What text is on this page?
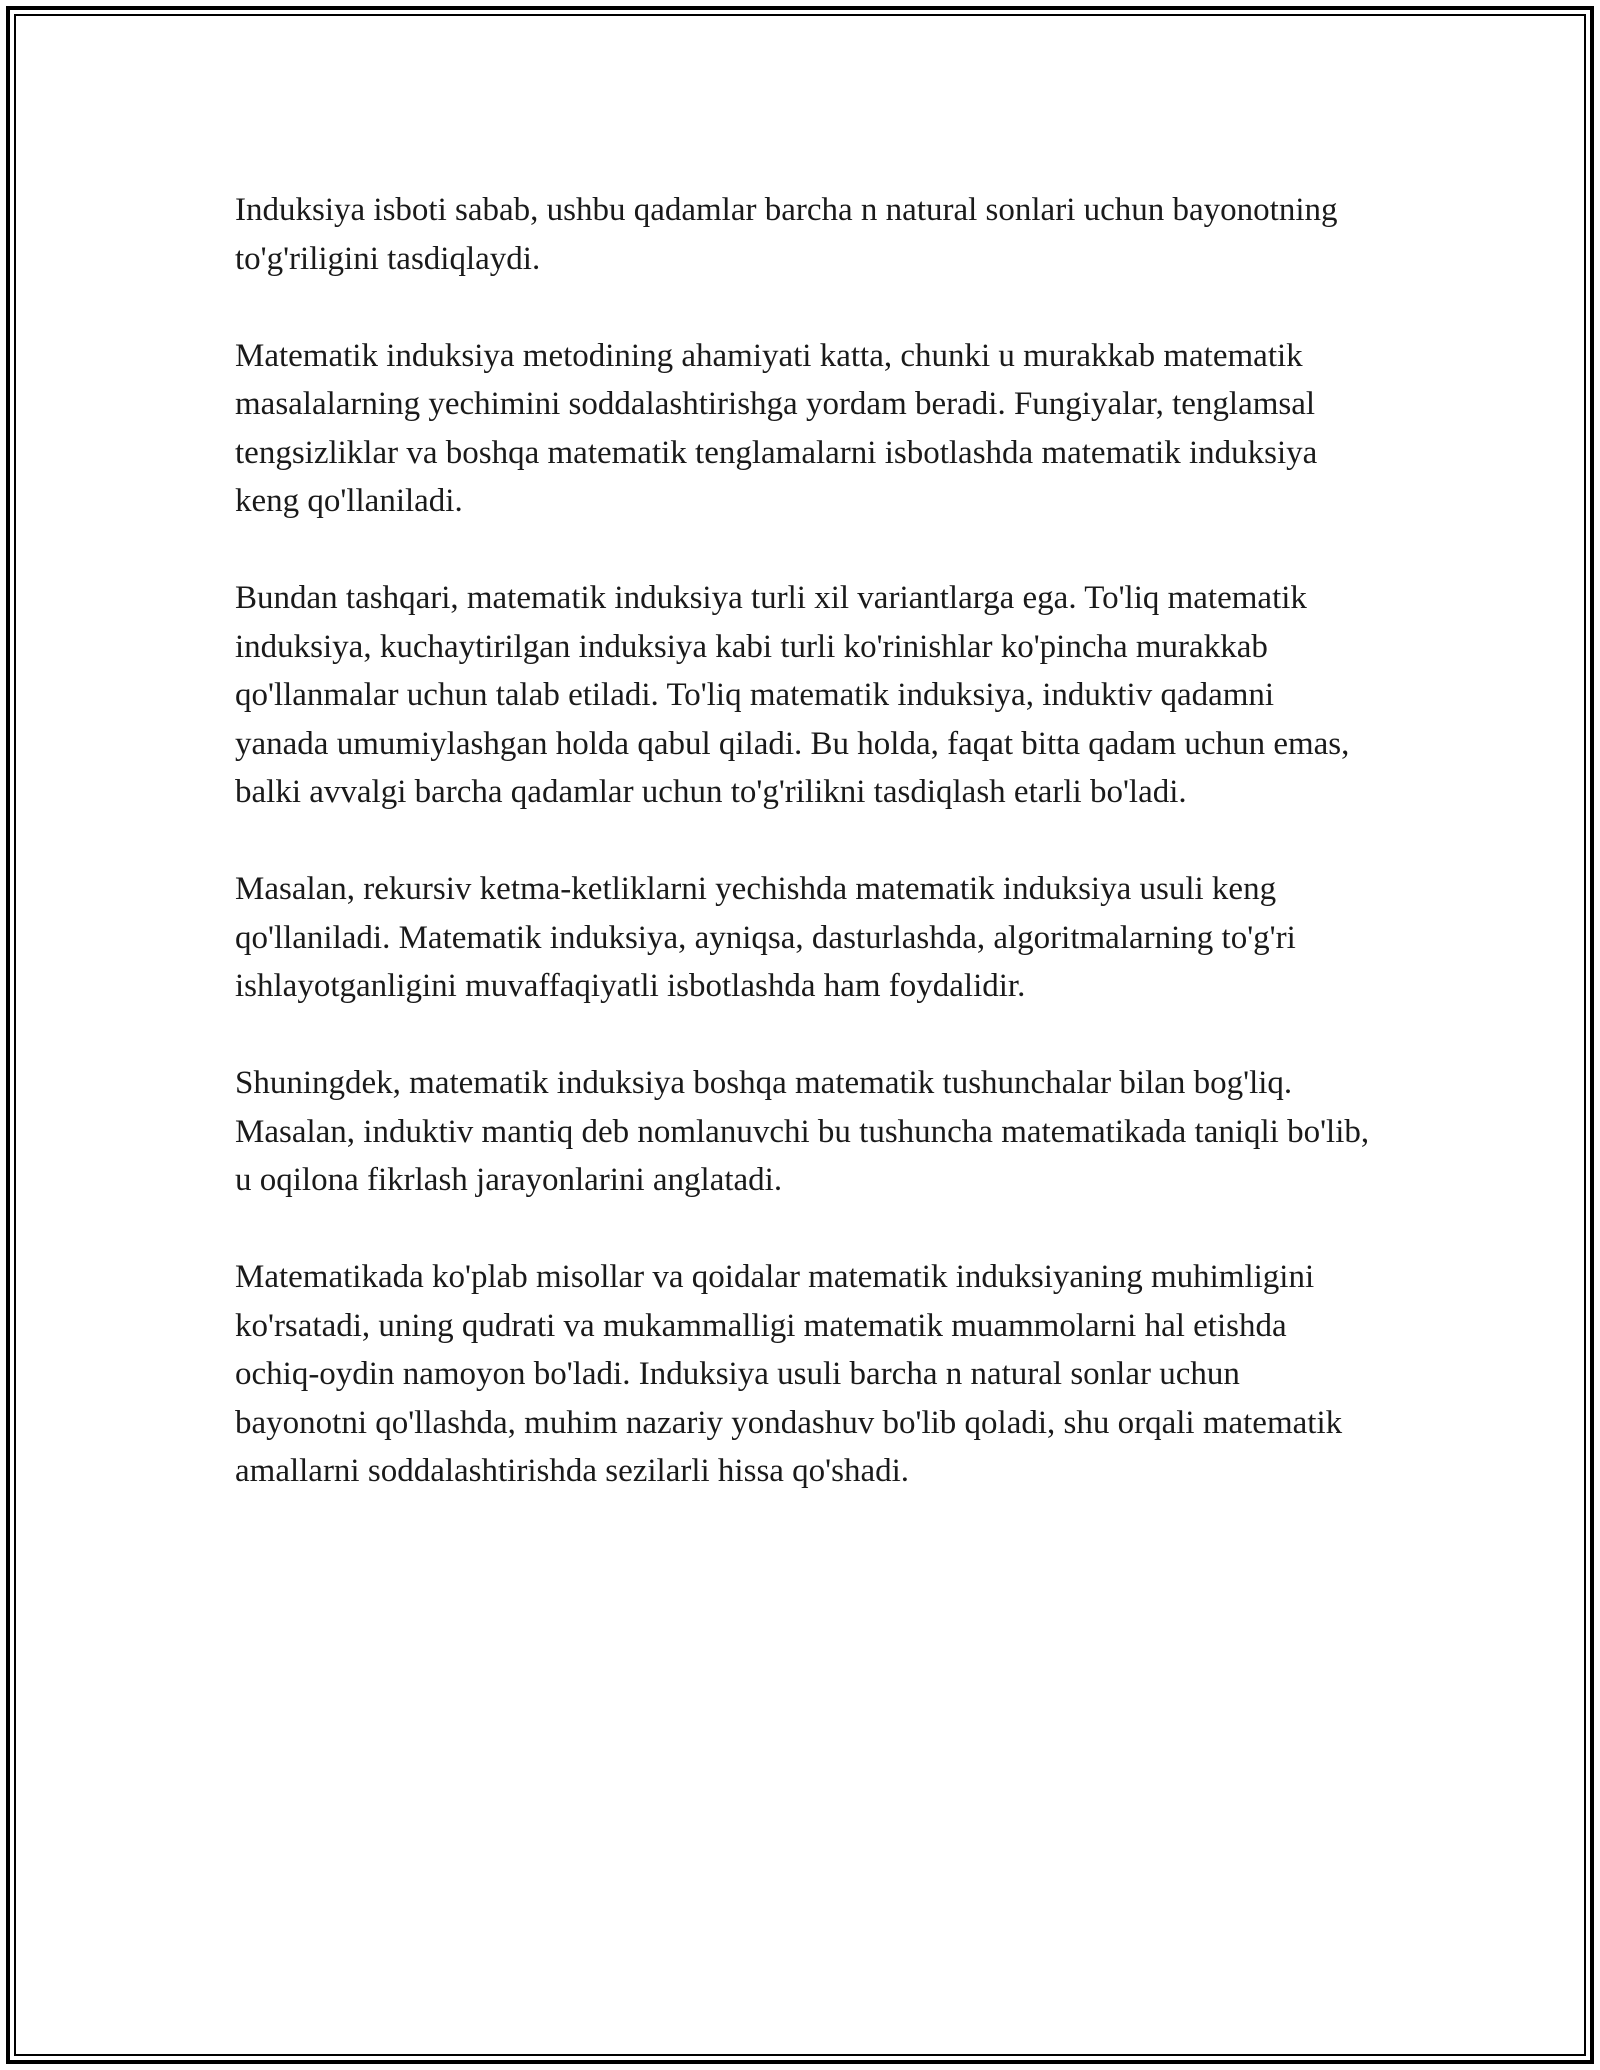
Induksiya isboti sabab, ushbu qadamlar barcha n natural sonlari uchun bayonotning to'g'riligini tasdiqlaydi.

Matematik induksiya metodining ahamiyati katta, chunki u murakkab matematik masalalarning yechimini soddalashtirishga yordam beradi. Fungiyalar, tenglamsal tengsizliklar va boshqa matematik tenglamalarni isbotlashda matematik induksiya keng qo'llaniladi.

Bundan tashqari, matematik induksiya turli xil variantlarga ega. To'liq matematik induksiya, kuchaytirilgan induksiya kabi turli ko'rinishlar ko'pincha murakkab qo'llanmalar uchun talab etiladi. To'liq matematik induksiya, induktiv qadamni yanada umumiylashgan holda qabul qiladi. Bu holda, faqat bitta qadam uchun emas, balki avvalgi barcha qadamlar uchun to'g'rilikni tasdiqlash etarli bo'ladi.

Masalan, rekursiv ketma-ketliklarni yechishda matematik induksiya usuli keng qo'llaniladi. Matematik induksiya, ayniqsa, dasturlashda, algoritmalarning to'g'ri ishlayotganligini muvaffaqiyatli isbotlashda ham foydalidir.

Shuningdek, matematik induksiya boshqa matematik tushunchalar bilan bog'liq. Masalan, induktiv mantiq deb nomlanuvchi bu tushuncha matematikada taniqli bo'lib, u oqilona fikrlash jarayonlarini anglatadi.

Matematikada ko'plab misollar va qoidalar matematik induksiyaning muhimligini ko'rsatadi, uning qudrati va mukammalligi matematik muammolarni hal etishda ochiq-oydin namoyon bo'ladi. Induksiya usuli barcha n natural sonlar uchun bayonotni qo'llashda, muhim nazariy yondashuv bo'lib qoladi, shu orqali matematik amallarni soddalashtirishda sezilarli hissa qo'shadi.
